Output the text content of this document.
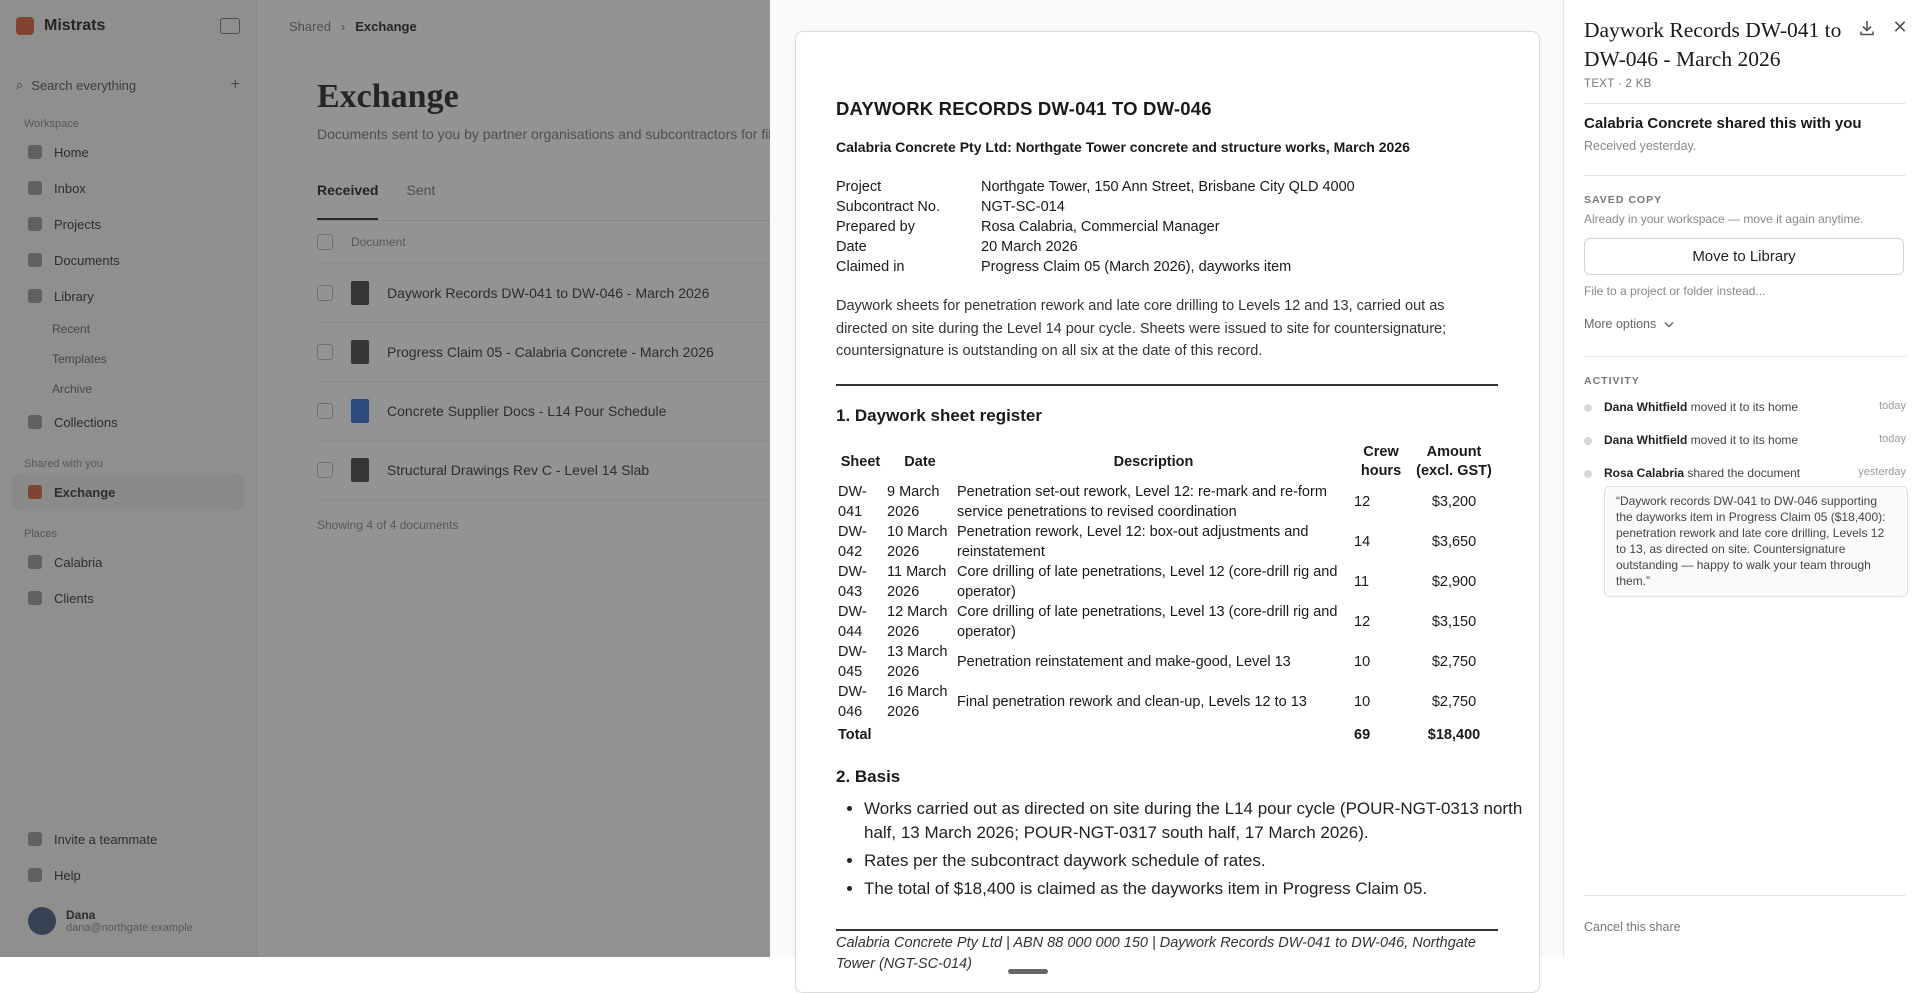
DAYWORK RECORDS DW-041 TO DW-046
Calabria Concrete Pty Ltd: Northgate Tower concrete and structure works, March 2026
Project	Northgate Tower, 150 Ann Street, Brisbane City QLD 4000
Subcontract No.	NGT-SC-014
Prepared by	Rosa Calabria, Commercial Manager
Date	20 March 2026
Claimed in	Progress Claim 05 (March 2026), dayworks item
Daywork sheets for penetration rework and late core drilling to Levels 12 and 13, carried out as directed on site during the Level 14 pour cycle. Sheets were issued to site for countersignature; countersignature is outstanding on all six at the date of this record.
1. Daywork sheet register
Sheet	Date	Description	Crew hours	Amount (excl. GST)
DW-041	9 March 2026	Penetration set-out rework, Level 12: re-mark and re-form service penetrations to revised coordination	12	$3,200
DW-042	10 March 2026	Penetration rework, Level 12: box-out adjustments and reinstatement	14	$3,650
DW-043	11 March 2026	Core drilling of late penetrations, Level 12 (core-drill rig and operator)	11	$2,900
DW-044	12 March 2026	Core drilling of late penetrations, Level 13 (core-drill rig and operator)	12	$3,150
DW-045	13 March 2026	Penetration reinstatement and make-good, Level 13	10	$2,750
DW-046	16 March 2026	Final penetration rework and clean-up, Levels 12 to 13	10	$2,750
Total			69	$18,400
2. Basis
• Works carried out as directed on site during the L14 pour cycle (POUR-NGT-0313 north half, 13 March 2026; POUR-NGT-0317 south half, 17 March 2026).
• Rates per the subcontract daywork schedule of rates.
• The total of $18,400 is claimed as the dayworks item in Progress Claim 05.
Calabria Concrete Pty Ltd | ABN 88 000 000 150 | Daywork Records DW-041 to DW-046, Northgate Tower (NGT-SC-014)
Daywork Records DW-041 to DW-046 - March 2026
✕
TEXT · 2 KB
Calabria Concrete shared this with you
Received yesterday.
SAVED COPY
Already in your workspace — move it again anytime.
Move to Library
File to a project or folder instead...
More options
ACTIVITY
Dana Whitfield moved it to its home	today
Dana Whitfield moved it to its home	today
Rosa Calabria shared the document	yesterday
“Daywork records DW-041 to DW-046 supporting the dayworks item in Progress Claim 05 ($18,400): penetration rework and late core drilling, Levels 12 to 13, as directed on site. Countersignature outstanding — happy to walk your team through them.”
Cancel this share
